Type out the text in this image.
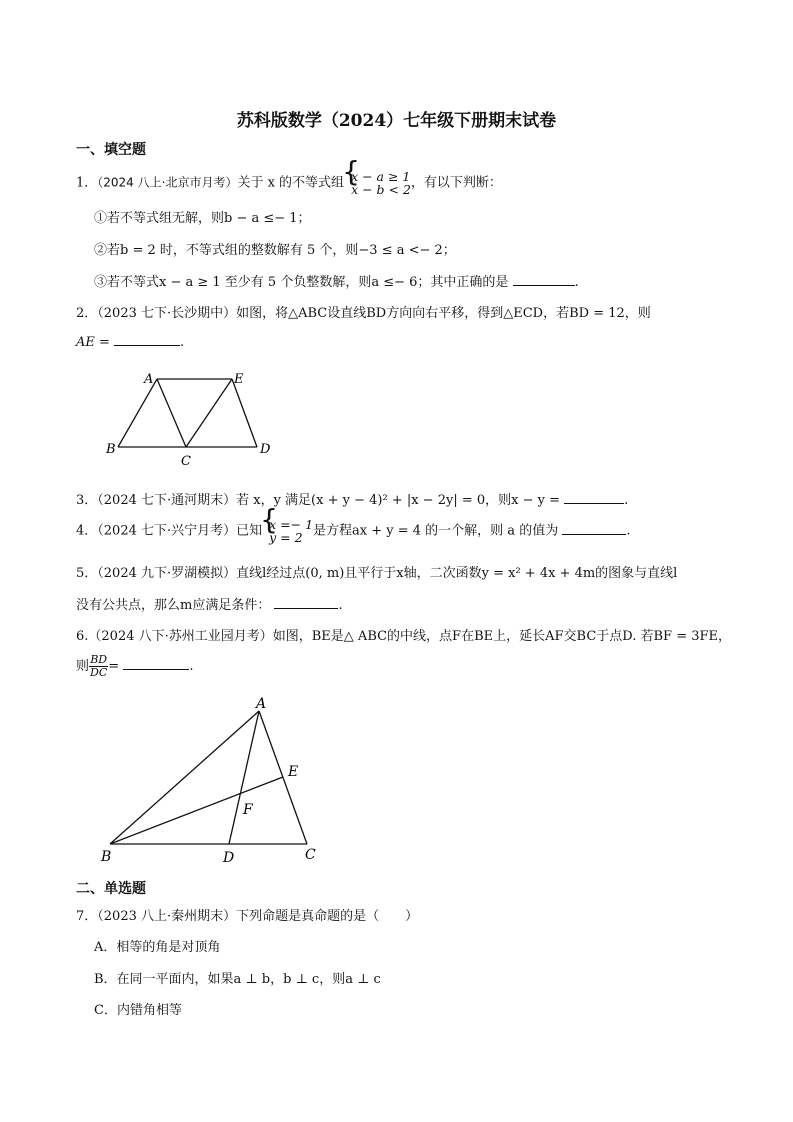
苏科版数学（2024）七年级下册期末试卷
一、填空题
1．（2024 八上·北京市月考）关于 x 的不等式组 { x − a ≥ 1
x − b < 2 ，有以下判断：
①若不等式组无解，则b − a ≤− 1；
②若b = 2 时，不等式组的整数解有 5 个，则−3 ≤ a <− 2；
③若不等式x − a ≥ 1 至少有 5 个负整数解，则a ≤− 6；其中正确的是	.
2．（2023 七下·长沙期中）如图，将△ABC设直线BD方向向右平移，得到△ECD，若BD = 12，则
AE =	.
A	E
B
C
D
3．（2024 七下·通河期末）若 x，y 满足(x + y − 4)² + |x − 2y| = 0，则x − y =	.
4．（2024 七下·兴宁月考）已知 { x =− 1
y = 2 是方程ax + y = 4 的一个解，则 a 的值为	.
5．（2024 九下·罗湖模拟）直线l经过点(0, m)且平行于x轴，二次函数y = x² + 4x + 4m的图象与直线l
没有公共点，那么m应满足条件：	.
6.（2024 八下·苏州工业园月考）如图，BE是△ ABC的中线，点F在BE上，延长AF交BC于点D. 若BF = 3FE，
则 $\frac{BD}{DC}$ =	.
A
E
F
B	D	C
二、单选题
7．（2023 八上·秦州期末）下列命题是真命题的是（　　）
A．相等的角是对顶角
B．在同一平面内，如果a ⊥ b，b ⊥ c，则a ⊥ c
C．内错角相等
